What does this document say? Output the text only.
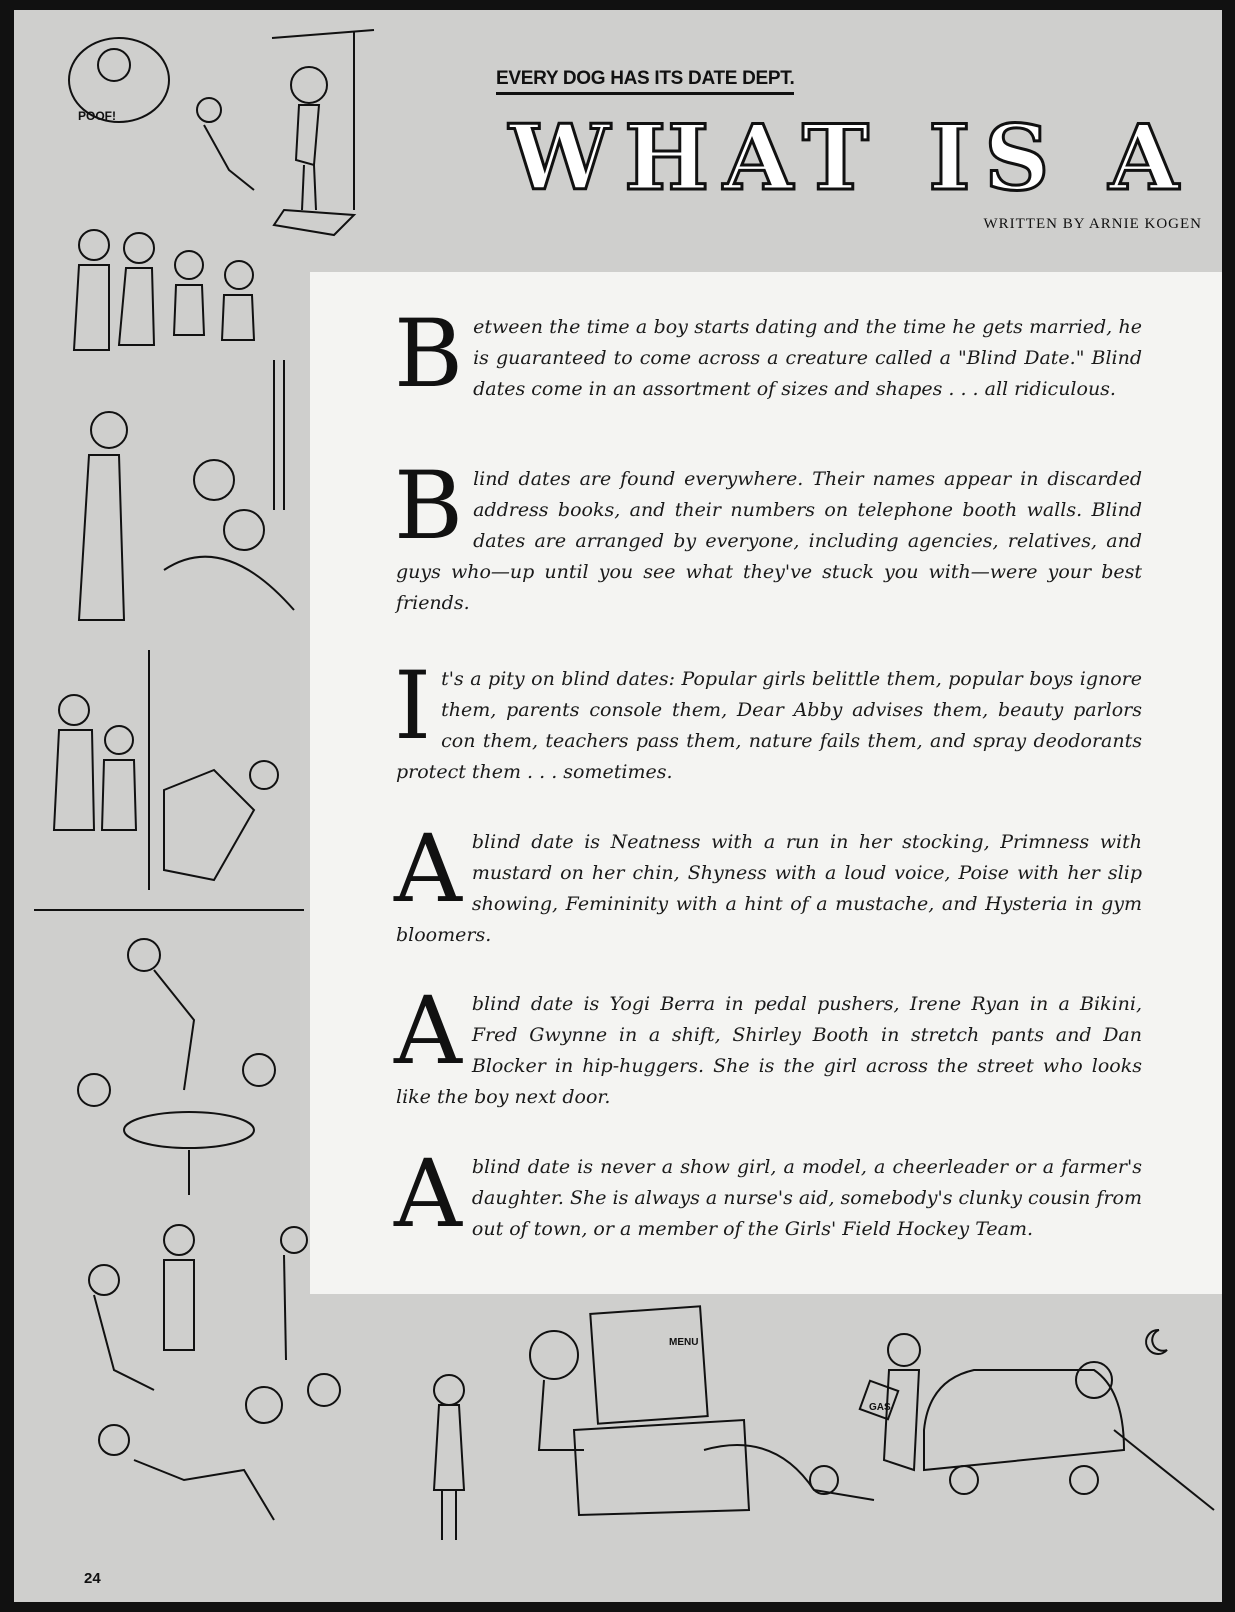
POOF!
MENU
GAS
EVERY DOG HAS ITS DATE DEPT.
WHAT IS A
WRITTEN BY ARNIE KOGEN

Between the time a boy starts dating and the time he gets married, he is guaranteed to come across a creature called a "Blind Date." Blind dates come in an assortment of sizes and shapes . . . all ridiculous.

Blind dates are found everywhere. Their names appear in discarded address books, and their numbers on telephone booth walls. Blind dates are arranged by everyone, including agencies, relatives, and guys who—up until you see what they've stuck you with—were your best friends.

It's a pity on blind dates: Popular girls belittle them, popular boys ignore them, parents console them, Dear Abby advises them, beauty parlors con them, teachers pass them, nature fails them, and spray deodorants protect them . . . sometimes.

Ablind date is Neatness with a run in her stocking, Primness with mustard on her chin, Shyness with a loud voice, Poise with her slip showing, Femininity with a hint of a mustache, and Hysteria in gym bloomers.

Ablind date is Yogi Berra in pedal pushers, Irene Ryan in a Bikini, Fred Gwynne in a shift, Shirley Booth in stretch pants and Dan Blocker in hip-huggers. She is the girl across the street who looks like the boy next door.

Ablind date is never a show girl, a model, a cheerleader or a farmer's daughter. She is always a nurse's aid, somebody's clunky cousin from out of town, or a member of the Girls' Field Hockey Team.

24
